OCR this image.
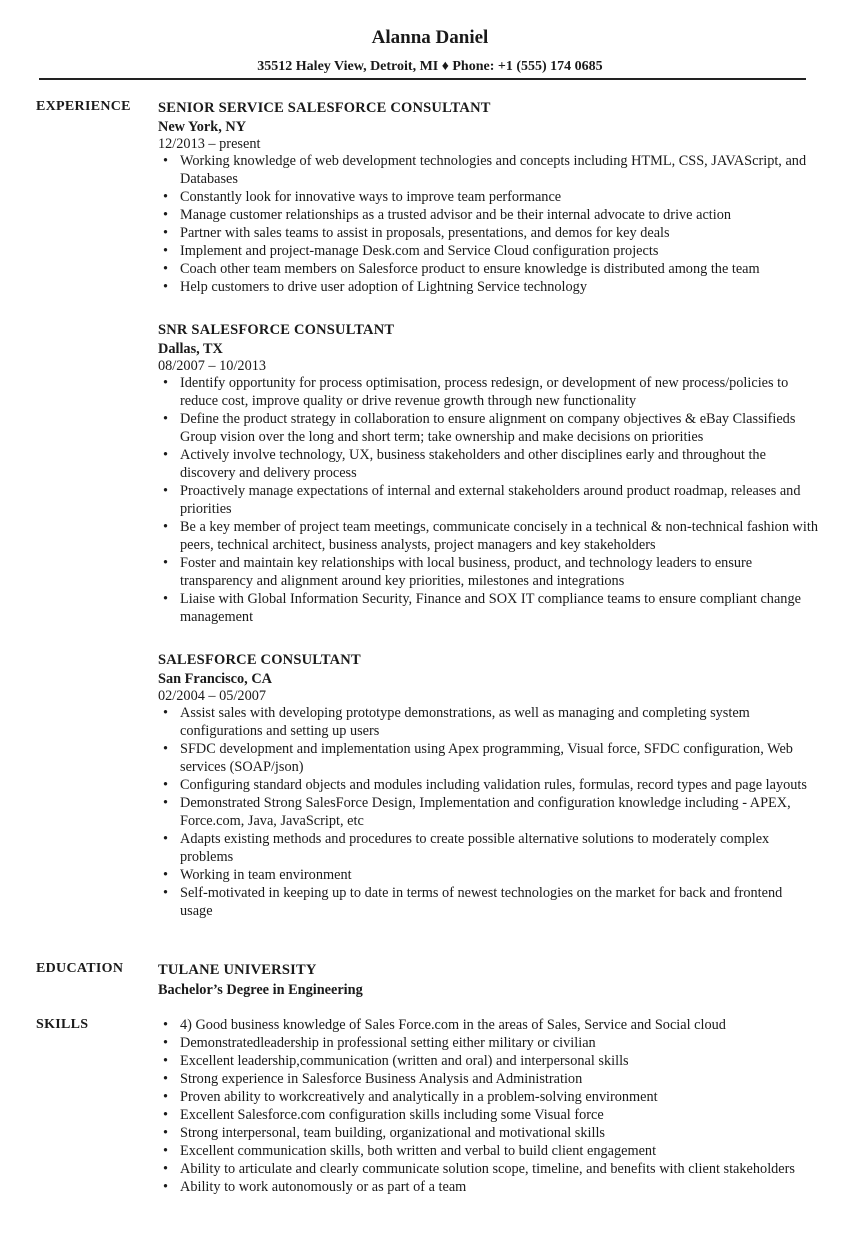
Alanna Daniel
35512 Haley View, Detroit, MI ♦ Phone: +1 (555) 174 0685
EXPERIENCE SENIOR SERVICE SALESFORCE CONSULTANT
New York, NY
12/2013 – present
• Working knowledge of web development technologies and concepts including HTML, CSS, JAVAScript, and Databases
• Constantly look for innovative ways to improve team performance
• Manage customer relationships as a trusted advisor and be their internal advocate to drive action
• Partner with sales teams to assist in proposals, presentations, and demos for key deals
• Implement and project-manage Desk.com and Service Cloud configuration projects
• Coach other team members on Salesforce product to ensure knowledge is distributed among the team
• Help customers to drive user adoption of Lightning Service technology
SNR SALESFORCE CONSULTANT
Dallas, TX
08/2007 – 10/2013
• Identify opportunity for process optimisation, process redesign, or development of new process/policies to reduce cost, improve quality or drive revenue growth through new functionality
• Define the product strategy in collaboration to ensure alignment on company objectives & eBay Classifieds Group vision over the long and short term; take ownership and make decisions on priorities
• Actively involve technology, UX, business stakeholders and other disciplines early and throughout the discovery and delivery process
• Proactively manage expectations of internal and external stakeholders around product roadmap, releases and priorities
• Be a key member of project team meetings, communicate concisely in a technical & non-technical fashion with peers, technical architect, business analysts, project managers and key stakeholders
• Foster and maintain key relationships with local business, product, and technology leaders to ensure transparency and alignment around key priorities, milestones and integrations
• Liaise with Global Information Security, Finance and SOX IT compliance teams to ensure compliant change management
SALESFORCE CONSULTANT
San Francisco, CA
02/2004 – 05/2007
• Assist sales with developing prototype demonstrations, as well as managing and completing system configurations and setting up users
• SFDC development and implementation using Apex programming, Visual force, SFDC configuration, Web services (SOAP/json)
• Configuring standard objects and modules including validation rules, formulas, record types and page layouts
• Demonstrated Strong SalesForce Design, Implementation and configuration knowledge including - APEX, Force.com, Java, JavaScript, etc
• Adapts existing methods and procedures to create possible alternative solutions to moderately complex problems
• Working in team environment
• Self-motivated in keeping up to date in terms of newest technologies on the market for back and frontend usage
EDUCATION TULANE UNIVERSITY
Bachelor’s Degree in Engineering
SKILLS
•	4) Good business knowledge of Sales Force.com in the areas of Sales, Service and Social cloud
• Demonstratedleadership in professional setting either military or civilian
• Excellent leadership,communication (written and oral) and interpersonal skills
• Strong experience in Salesforce Business Analysis and Administration
• Proven ability to workcreatively and analytically in a problem-solving environment
• Excellent Salesforce.com configuration skills including some Visual force
• Strong interpersonal, team building, organizational and motivational skills
• Excellent communication skills, both written and verbal to build client engagement
• Ability to articulate and clearly communicate solution scope, timeline, and benefits with client stakeholders
• Ability to work autonomously or as part of a team
